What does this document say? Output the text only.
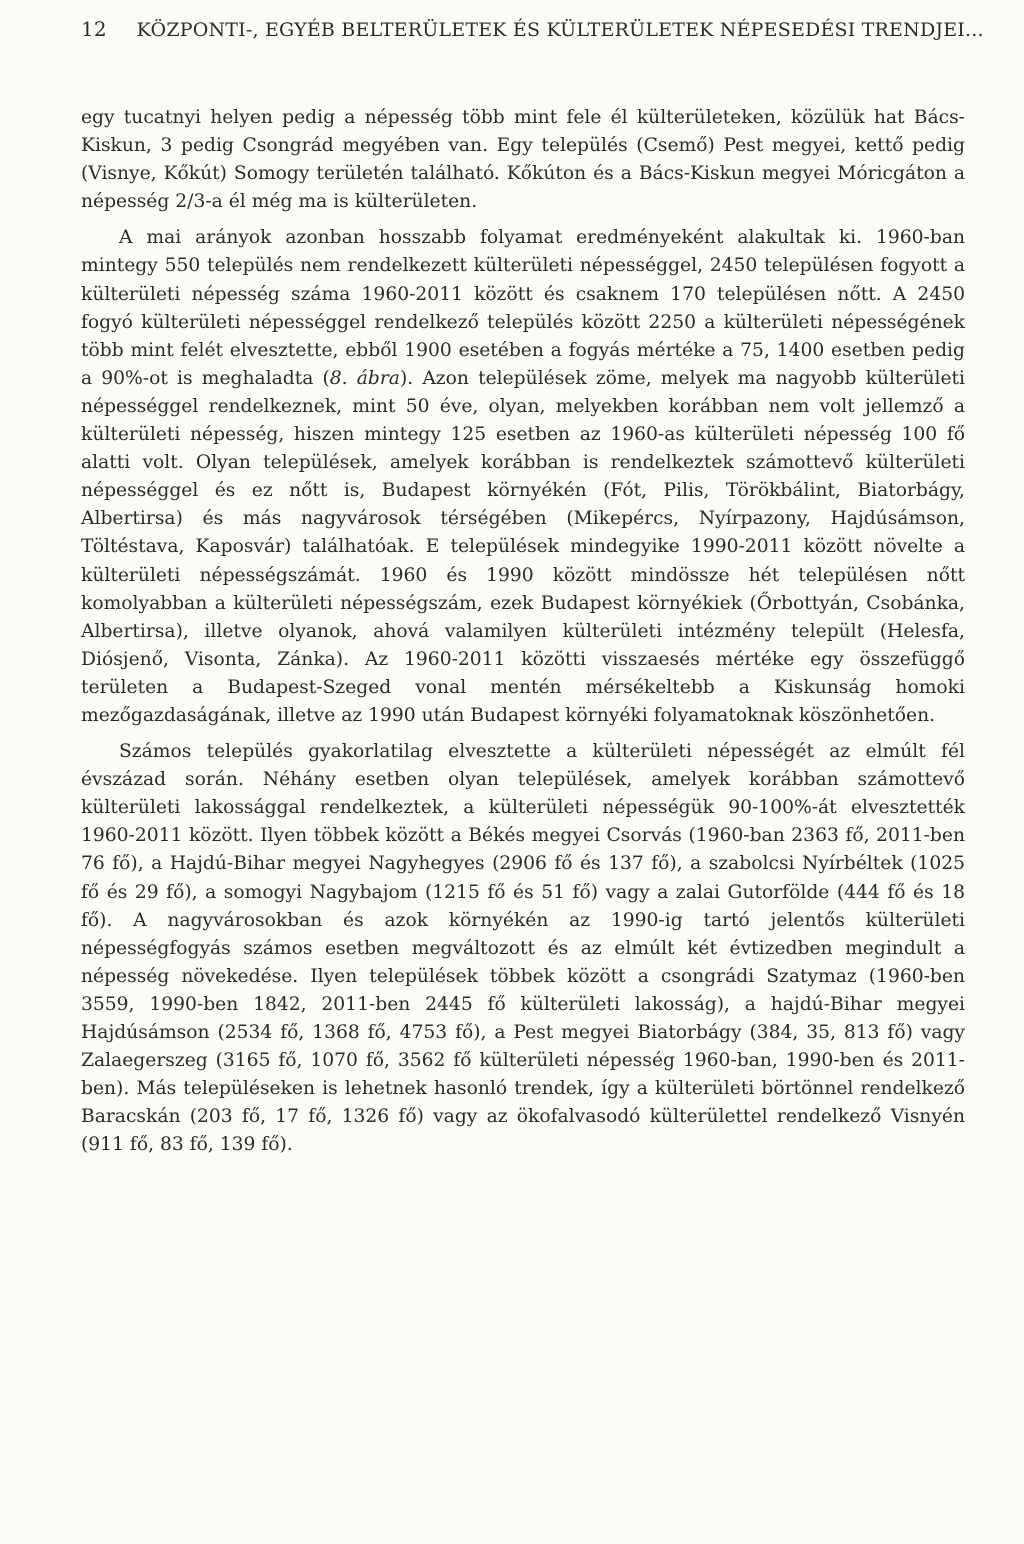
12 KÖZPONTI-, EGYÉB BELTERÜLETEK ÉS KÜLTERÜLETEK NÉPESEDÉSI TRENDJEI...

egy tucatnyi helyen pedig a népesség több mint fele él külterületeken, közülük hat Bács-Kiskun, 3 pedig Csongrád megyében van. Egy település (Csemő) Pest megyei, kettő pedig (Visnye, Kőkút) Somogy területén található. Kőkúton és a Bács-Kiskun megyei Móricgáton a népesség 2/3-a él még ma is külterületen.

A mai arányok azonban hosszabb folyamat eredményeként alakultak ki. 1960-ban mintegy 550 település nem rendelkezett külterületi népességgel, 2450 településen fogyott a külterületi népesség száma 1960-2011 között és csaknem 170 településen nőtt. A 2450 fogyó külterületi népességgel rendelkező település között 2250 a külterületi népességének több mint felét elvesztette, ebből 1900 esetében a fogyás mértéke a 75, 1400 esetben pedig a 90%-ot is meghaladta (8. ábra). Azon települések zöme, melyek ma nagyobb külterületi népességgel rendelkeznek, mint 50 éve, olyan, melyekben korábban nem volt jellemző a külterületi népesség, hiszen mintegy 125 esetben az 1960-as külterületi népesség 100 fő alatti volt. Olyan települések, amelyek korábban is rendelkeztek számottevő külterületi népességgel és ez nőtt is, Budapest környékén (Fót, Pilis, Törökbálint, Biatorbágy, Albertirsa) és más nagyvárosok térségében (Mikepércs, Nyírpazony, Hajdúsámson, Töltéstava, Kaposvár) találhatóak. E települések mindegyike 1990-2011 között növelte a külterületi népességszámát. 1960 és 1990 között mindössze hét településen nőtt komolyabban a külterületi népességszám, ezek Budapest környékiek (Őrbottyán, Csobánka, Albertirsa), illetve olyanok, ahová valamilyen külterületi intézmény települt (Helesfa, Diósjenő, Visonta, Zánka). Az 1960-2011 közötti visszaesés mértéke egy összefüggő területen a Budapest-Szeged vonal mentén mérsékeltebb a Kiskunság homoki mezőgazdaságának, illetve az 1990 után Budapest környéki folyamatoknak köszönhetően.

Számos település gyakorlatilag elvesztette a külterületi népességét az elmúlt fél évszázad során. Néhány esetben olyan települések, amelyek korábban számottevő külterületi lakossággal rendelkeztek, a külterületi népességük 90-100%-át elvesztették 1960-2011 között. Ilyen többek között a Békés megyei Csorvás (1960-ban 2363 fő, 2011-ben 76 fő), a Hajdú-Bihar megyei Nagyhegyes (2906 fő és 137 fő), a szabolcsi Nyírbéltek (1025 fő és 29 fő), a somogyi Nagybajom (1215 fő és 51 fő) vagy a zalai Gutorfölde (444 fő és 18 fő). A nagyvárosokban és azok környékén az 1990-ig tartó jelentős külterületi népességfogyás számos esetben megváltozott és az elmúlt két évtizedben megindult a népesség növekedése. Ilyen települések többek között a csongrádi Szatymaz (1960-ben 3559, 1990-ben 1842, 2011-ben 2445 fő külterületi lakosság), a hajdú-Bihar megyei Hajdúsámson (2534 fő, 1368 fő, 4753 fő), a Pest megyei Biatorbágy (384, 35, 813 fő) vagy Zalaegerszeg (3165 fő, 1070 fő, 3562 fő külterületi népesség 1960-ban, 1990-ben és 2011-ben). Más településeken is lehetnek hasonló trendek, így a külterületi börtönnel rendelkező Baracskán (203 fő, 17 fő, 1326 fő) vagy az ökofalvasodó külterülettel rendelkező Visnyén (911 fő, 83 fő, 139 fő).
